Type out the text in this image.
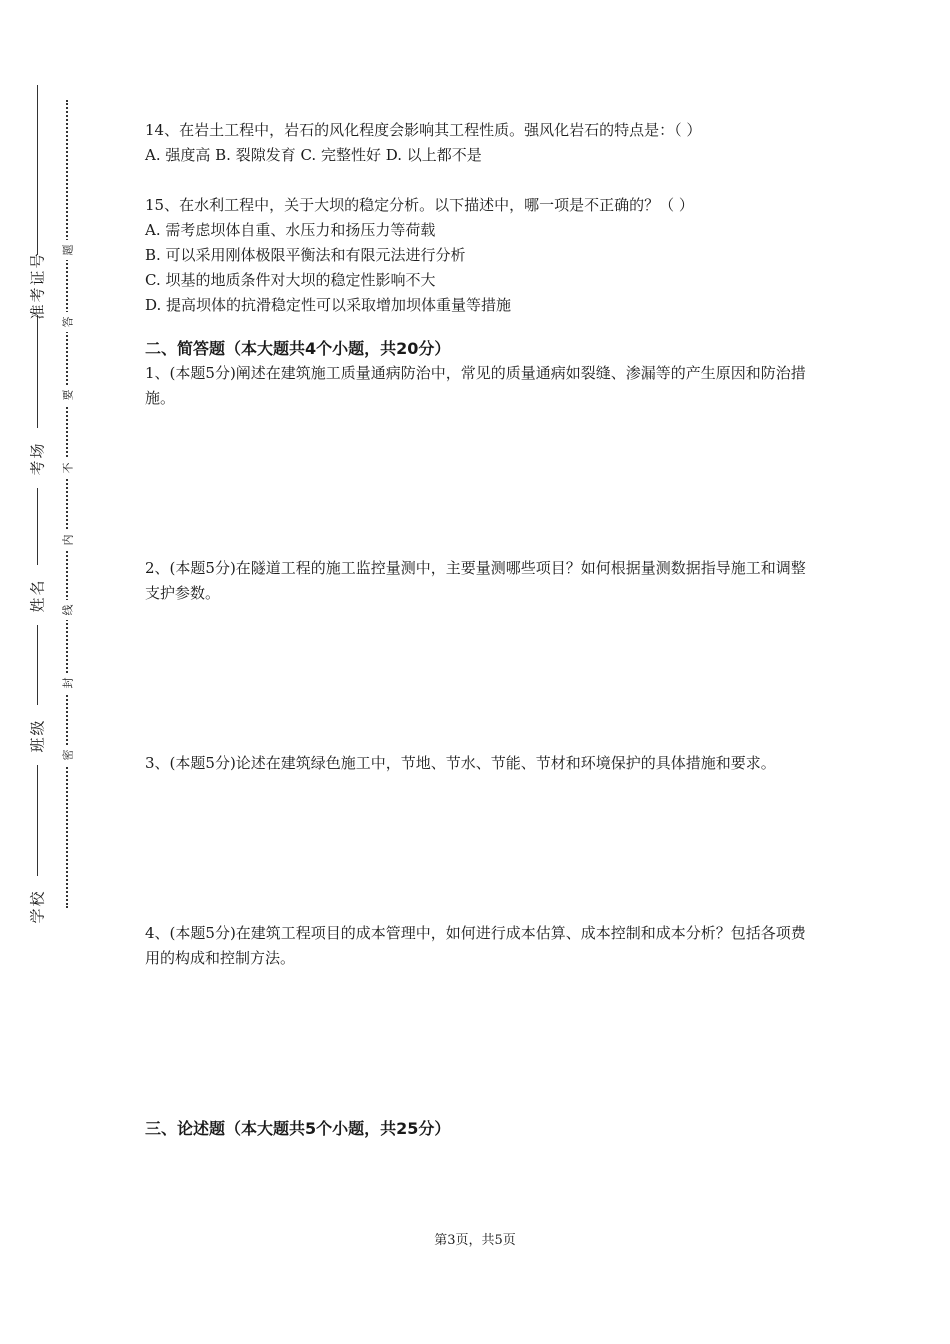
准考证号
考场
姓名
班级
学校
题
答
要
不
内
线
封
密
14、在岩土工程中，岩石的风化程度会影响其工程性质。强风化岩石的特点是：（ ）
A. 强度高 B. 裂隙发育 C. 完整性好 D. 以上都不是
15、在水利工程中，关于大坝的稳定分析。以下描述中，哪一项是不正确的？（ ）
A. 需考虑坝体自重、水压力和扬压力等荷载
B. 可以采用刚体极限平衡法和有限元法进行分析
C. 坝基的地质条件对大坝的稳定性影响不大
D. 提高坝体的抗滑稳定性可以采取增加坝体重量等措施
二、简答题（本大题共4个小题，共20分）
1、(本题5分)阐述在建筑施工质量通病防治中，常见的质量通病如裂缝、渗漏等的产生原因和防治措施。
2、(本题5分)在隧道工程的施工监控量测中，主要量测哪些项目？如何根据量测数据指导施工和调整支护参数。
3、(本题5分)论述在建筑绿色施工中，节地、节水、节能、节材和环境保护的具体措施和要求。
4、(本题5分)在建筑工程项目的成本管理中，如何进行成本估算、成本控制和成本分析？包括各项费用的构成和控制方法。
三、论述题（本大题共5个小题，共25分）
第3页，共5页
